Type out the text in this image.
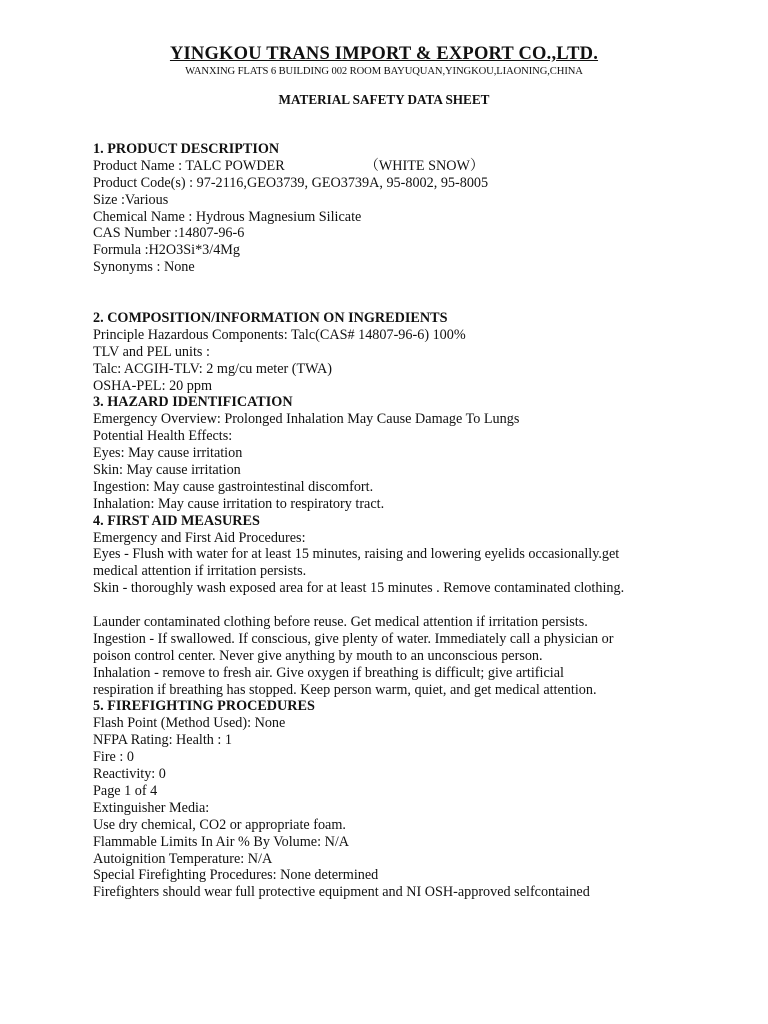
YINGKOU TRANS IMPORT & EXPORT CO.,LTD.
WANXING FLATS 6 BUILDING 002 ROOM BAYUQUAN,YINGKOU,LIAONING,CHINA
MATERIAL SAFETY DATA SHEET
1. PRODUCT DESCRIPTION
Product Name : TALC POWDER	（WHITE SNOW）
Product Code(s) : 97-2116,GEO3739, GEO3739A, 95-8002, 95-8005
Size :Various
Chemical Name : Hydrous Magnesium Silicate
CAS Number :14807-96-6
Formula :H2O3Si*3/4Mg
Synonyms : None
2. COMPOSITION/INFORMATION ON INGREDIENTS
Principle Hazardous Components: Talc(CAS# 14807-96-6) 100%
TLV and PEL units :
Talc: ACGIH-TLV: 2 mg/cu meter (TWA)
OSHA-PEL: 20 ppm
3. HAZARD IDENTIFICATION
Emergency Overview: Prolonged Inhalation May Cause Damage To Lungs
Potential Health Effects:
Eyes: May cause irritation
Skin: May cause irritation
Ingestion: May cause gastrointestinal discomfort.
Inhalation: May cause irritation to respiratory tract.
4. FIRST AID MEASURES
Emergency and First Aid Procedures:
Eyes - Flush with water for at least 15 minutes, raising and lowering eyelids occasionally.get
medical attention if irritation persists.
Skin - thoroughly wash exposed area for at least 15 minutes . Remove contaminated clothing.
Launder contaminated clothing before reuse. Get medical attention if irritation persists.
Ingestion - If swallowed. If conscious, give plenty of water. Immediately call a physician or
poison control center. Never give anything by mouth to an unconscious person.
Inhalation - remove to fresh air. Give oxygen if breathing is difficult; give artificial
respiration if breathing has stopped. Keep person warm, quiet, and get medical attention.
5. FIREFIGHTING PROCEDURES
Flash Point (Method Used): None
NFPA Rating: Health : 1
Fire : 0
Reactivity: 0
Page 1 of 4
Extinguisher Media:
Use dry chemical, CO2 or appropriate foam.
Flammable Limits In Air % By Volume: N/A
Autoignition Temperature: N/A
Special Firefighting Procedures: None determined
Firefighters should wear full protective equipment and NI OSH-approved selfcontained
